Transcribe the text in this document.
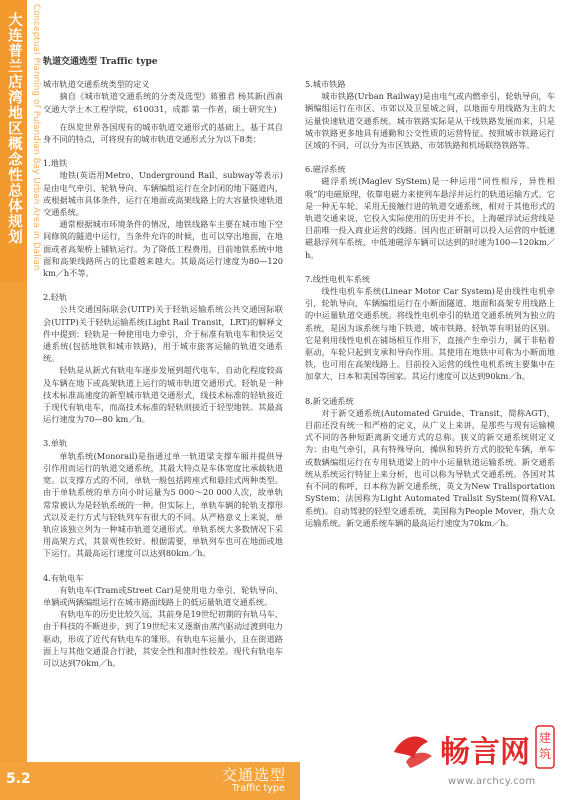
大连普兰店湾地区概念性总体规划 Conceptual Planning of Pulandian Bay Urban Area in Dalian 轨道交通选型 Traffic type
城市轨道交通系统类型的定义
摘自《城市轨道交通系统的分类及选型》蒋雅君 杨其新(西南交通大学土木工程学院，610031，成都 第一作者，硕士研究生)
在纵览世界各国现有的城市轨道交通形式的基础上，基于其自身不同的特点，可将现有的城市轨道交通形式分为以下8类：
1.地铁
地铁(英语用Metro、Underground Rail、subway等表示)是由电气牵引、轮轨导向、车辆编组运行在全封闭的地下隧道内，或根据城市具体条件，运行在地面或高架线路上的大容量快速轨道交通系统。
通常根据城市环境条件的情况，地铁线路车主要在城市地下空间修筑的隧道中运行，当条件允许的时候，也可以穿出地面，在地面或者高架桥上铺轨运行。为了降低工程费用，目前地铁系统中地面和高架线路所占的比重越来越大。其最高运行速度为80—120 km／h不等。
2.轻轨
公共交通国际联会(UITP)关于轻轨运输系统公共交通国际联会(UITP)关于轻轨运输系统(Light Rail Transit，LRT)的解释文件中提到：轻轨是一种使用电力牵引，介于标准有轨电车和快运交通系统(包括地铁和城市铁路)，用于城市旅客运输的轨道交通系统。
轻轨是从新式有轨电车逐步发展到超代电车，自动化程度较高及车辆在地下或高架轨道上运行的城市轨道交通形式。轻轨是一种技术标准高速度的新型城市轨道交通形式，线技术标准的轻轨接近于现代有轨电车，而高技术标准的轻轨则接近于轻型地铁。其最高运行速度为70—80 km／h。
3.单轨
单轨系统(Monorail)是指通过单一轨道梁支撑车厢并提供导引作用而运行的轨道交通系统，其最大特点是车体宽度比承载轨道宽。以支撑方式的不同，单轨一般包括跨座式和悬挂式两种类型。由于单轨系统的单方向小时运量为5 000～20 000人次，故单轨常常被认为是轻轨系统的一种。但实际上，单轨车辆的轮轨支撑形式以及走行方式与轻轨列车有很大的不同。从严格意义上来说，单轨应该独立列为一种城市轨道交通形式。单轨系统大多数情况下采用高架方式，其景观性较好。根据需要，单轨列车也可在地面或地下运行。其最高运行速度可以达到80km／h。
4.有轨电车
有轨电车(Tram或Street Car)是使用电力牵引、轮轨导向、单辆或两辆编组运行在城市路面线路上的低运量轨道交通系统。
有轨电车的历史比较久远，其前身是19世纪初期的有轨马车，由于科技的不断进步，到了19世纪末又逐渐由蒸汽驱动过渡到电力驱动，形成了近代有轨电车的雏形。有轨电车运量小，且在街道路面上与其他交通混合行驶，其安全性和准时性较差。现代有轨电车可以达到70km／h。
5.城市铁路
城市铁路(Urban Railway)是由电气或内燃牵引，轮轨导向，车辆编组运行在市区、市郊以及卫星城之间，以地面专用线路为主的大运量快速轨道交通系统。城市铁路实际是从干线铁路发展而来，只是城市铁路更多地具有通勤和公交性质的运营特征。按照城市铁路运行区域的不同，可以分为市区铁路、市郊铁路和机场联络铁路等。
6.磁浮系统
磁浮系统(Maglev SyStem)是一种运用“同性相斥，异性相吸”的电磁原理，依靠电磁力来使列车悬浮并运行的轨道运输方式。它是一种无车轮、采用无接触行进的轨道交通系统，相对于其他形式的轨道交通来说，它投入实际使用的历史并不长，上海磁浮试运营线是目前唯一投入商业运营的线路。国内也正研制可以投入运营的中低速磁悬浮列车系统，中低速磁浮车辆可以达到的时速为100—120km／h。
7.线性电机车系统
线性电机车系统(Linear Motor Car System)是由线性电机牵引，轮轨导向，车辆编组运行在小断面隧道、地面和高架专用线路上的中运量轨道交通系统。将线性电机牵引的轨道交通系统列为独立的系统，是因为该系统与地下铁道、城市铁路、轻轨等有明显的区别。它是利用线性电机在铺场相互作用下，直接产生牵引力，属于非粘着驱动，车轮只起到支承和导向作用。其使用在地铁中可称为小断面地铁，也可用在高架线路上。目前投入运营的线性电机系统主要集中在加拿大、日本和美国等国家。其运行速度可以达到90km／h。
8.新交通系统
对于新交通系统(Automated Gruide、Transit，简称AGT)，目前还没有统一和严格的定义，从广义上来讲，是那些与现有运输模式不同的各种短距离新交通方式的总称。狭义的新交通系统则定义为：由电气牵引，具有特殊导向、操纵和转折方式的胶轮车辆，单车或数辆编组运行在专用轨道梁上的中小运量轨道运输系统。新交通系统从系统运行特征上来分析，也可以称为导轨式交通系统。各国对其有不同的称呼，日本称为新交通系统，英文为New Trallsportation SyStem；法国称为Light Automated Trallsit SyStem(简称VAL系统)。自动驾驶的轻型交通系统，美国称为People Mover，指大众运输系统。新交通系统车辆的最高运行速度为70km／h。
畅言网 建筑
www.archcy.com
5.2	交通选型
Traffic type
